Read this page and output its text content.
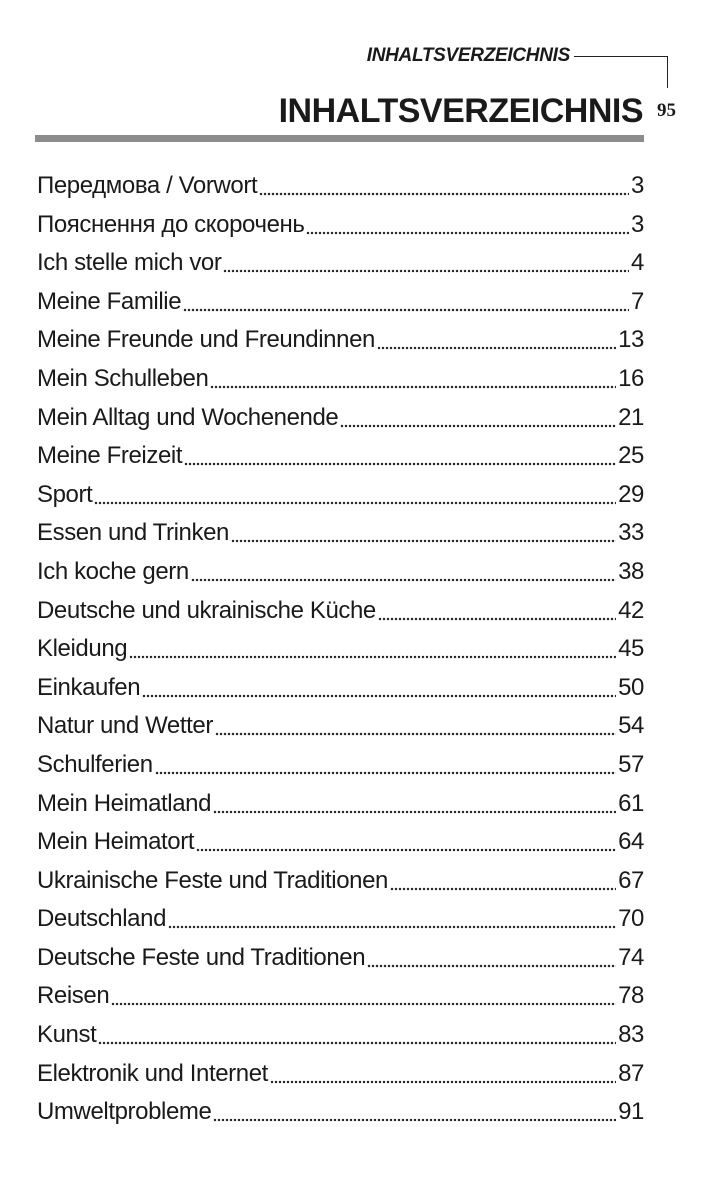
INHALTSVERZEICHNIS
95
INHALTSVERZEICHNIS
Передмова / Vorwort	3
Пояснення до скорочень	3
Ich stelle mich vor	4
Meine Familie	7
Meine Freunde und Freundinnen	13
Mein Schulleben	16
Mein Alltag und Wochenende	21
Meine Freizeit	25
Sport	29
Essen und Trinken	33
Ich koche gern	38
Deutsche und ukrainische Küche	42
Kleidung	45
Einkaufen	50
Natur und Wetter	54
Schulferien	57
Mein Heimatland	61
Mein Heimatort	64
Ukrainische Feste und Traditionen	67
Deutschland	70
Deutsche Feste und Traditionen	74
Reisen	78
Kunst	83
Elektronik und Internet	87
Umweltprobleme	91
